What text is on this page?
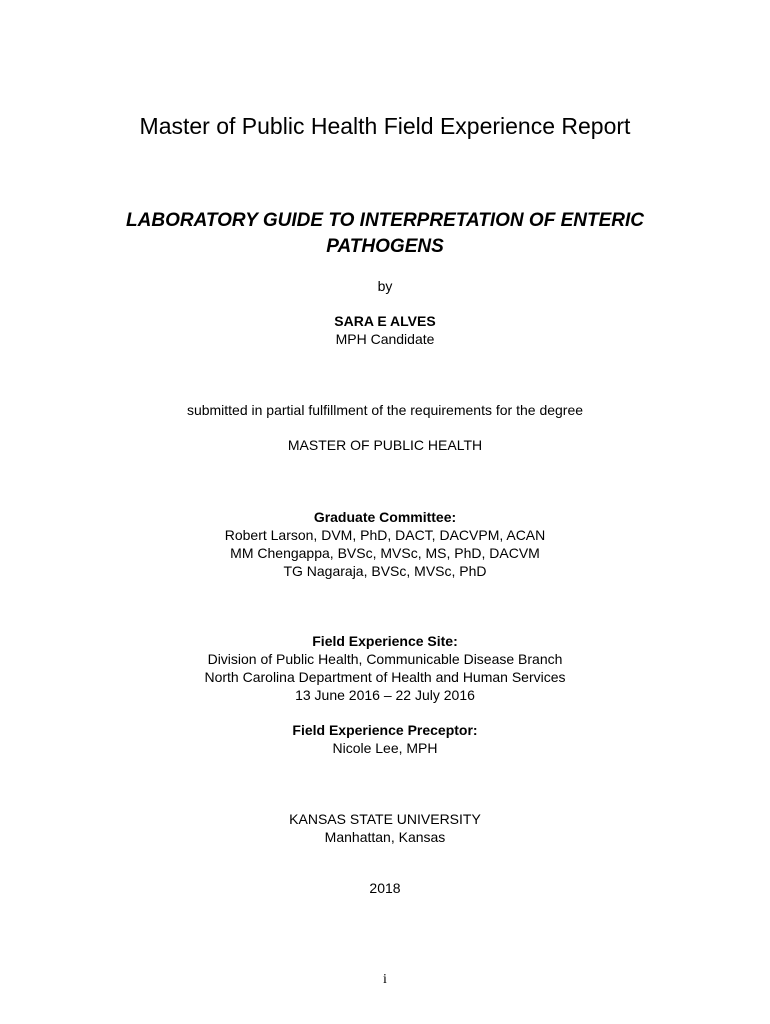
Master of Public Health Field Experience Report
LABORATORY GUIDE TO INTERPRETATION OF ENTERIC
PATHOGENS
by
SARA E ALVES
MPH Candidate
submitted in partial fulfillment of the requirements for the degree
MASTER OF PUBLIC HEALTH
Graduate Committee:
Robert Larson, DVM, PhD, DACT, DACVPM, ACAN
MM Chengappa, BVSc, MVSc, MS, PhD, DACVM
TG Nagaraja, BVSc, MVSc, PhD
Field Experience Site:
Division of Public Health, Communicable Disease Branch
North Carolina Department of Health and Human Services
13 June 2016 – 22 July 2016
Field Experience Preceptor:
Nicole Lee, MPH
KANSAS STATE UNIVERSITY
Manhattan, Kansas
2018
i
